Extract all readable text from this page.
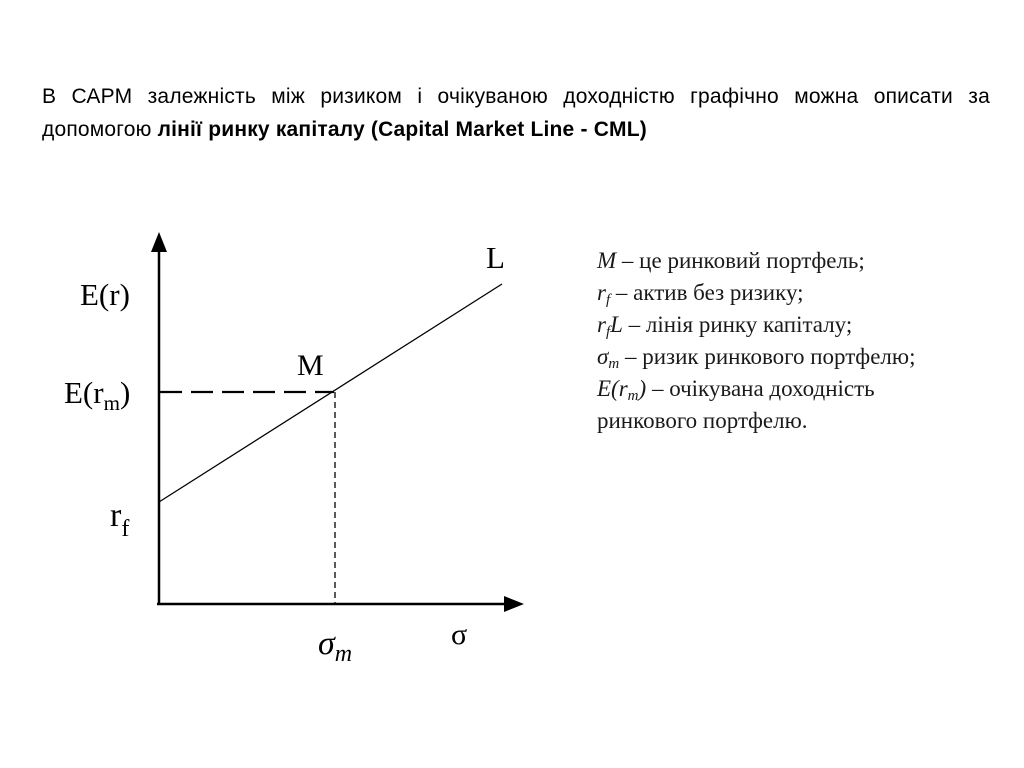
В САРМ залежність між ризиком і очікуваною доходністю графічно можна описати за допомогою лінії ринку капіталу (Capital Market Line - CML)
E(r)
$E(r_m)$
$r_f$
M
L
$\sigma_m$
σ
M – це ринковий портфель;
$r_f$ – актив без ризику;
$r_fL$ – лінія ринку капіталу;
$\sigma_m$ – ризик ринкового портфелю;
$E(r_m)$ – очікувана доходність
ринкового портфелю.
